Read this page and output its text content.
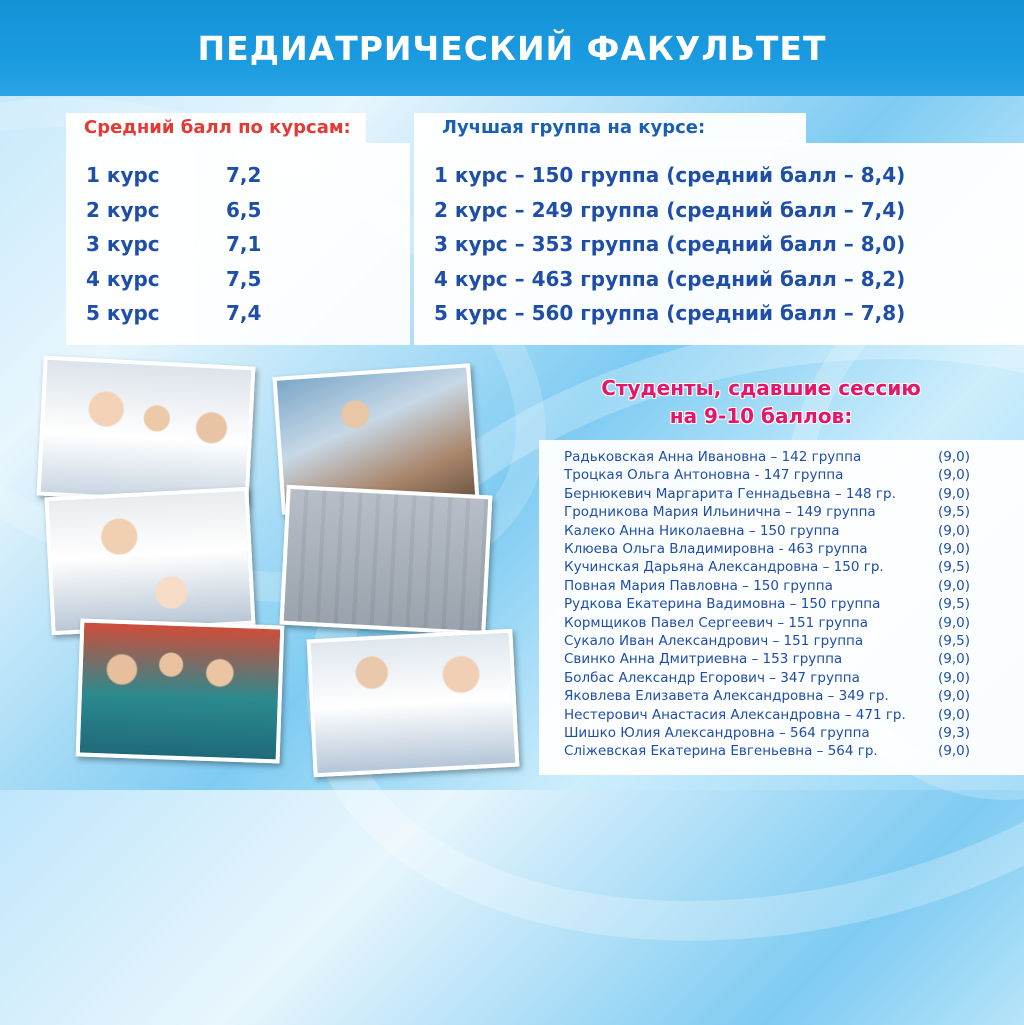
ПЕДИАТРИЧЕСКИЙ ФАКУЛЬТЕТ
Средний балл по курсам:
1 курс	7,2
2 курс	6,5
3 курс	7,1
4 курс	7,5
5 курс	7,4
Лучшая группа на курсе:
1 курс – 150 группа (средний балл – 8,4)
2 курс – 249 группа (средний балл – 7,4)
3 курс – 353 группа (средний балл – 8,0)
4 курс – 463 группа (средний балл – 8,2)
5 курс – 560 группа (средний балл – 7,8)
Студенты, сдавшие сессию
на 9-10 баллов:
Радьковская Анна Ивановна – 142 группа	(9,0)
Троцкая Ольга Антоновна - 147 группа	(9,0)
Бернюкевич Маргарита Геннадьевна – 148 гр.	(9,0)
Гродникова Мария Ильинична – 149 группа	(9,5)
Калеко Анна Николаевна – 150 группа	(9,0)
Клюева Ольга Владимировна - 463 группа	(9,0)
Кучинская Дарьяна Александровна – 150 гр.	(9,5)
Повная Мария Павловна – 150 группа	(9,0)
Рудкова Екатерина Вадимовна – 150 группа	(9,5)
Кормщиков Павел Сергеевич – 151 группа	(9,0)
Сукало Иван Александрович – 151 группа	(9,5)
Свинко Анна Дмитриевна – 153 группа	(9,0)
Болбас Александр Егорович – 347 группа	(9,0)
Яковлева Елизавета Александровна – 349 гр.	(9,0)
Нестерович Анастасия Александровна – 471 гр. (9,0)
Шишко Юлия Александровна – 564 группа	(9,3)
Сліжевская Екатерина Евгеньевна – 564 гр.	(9,0)
